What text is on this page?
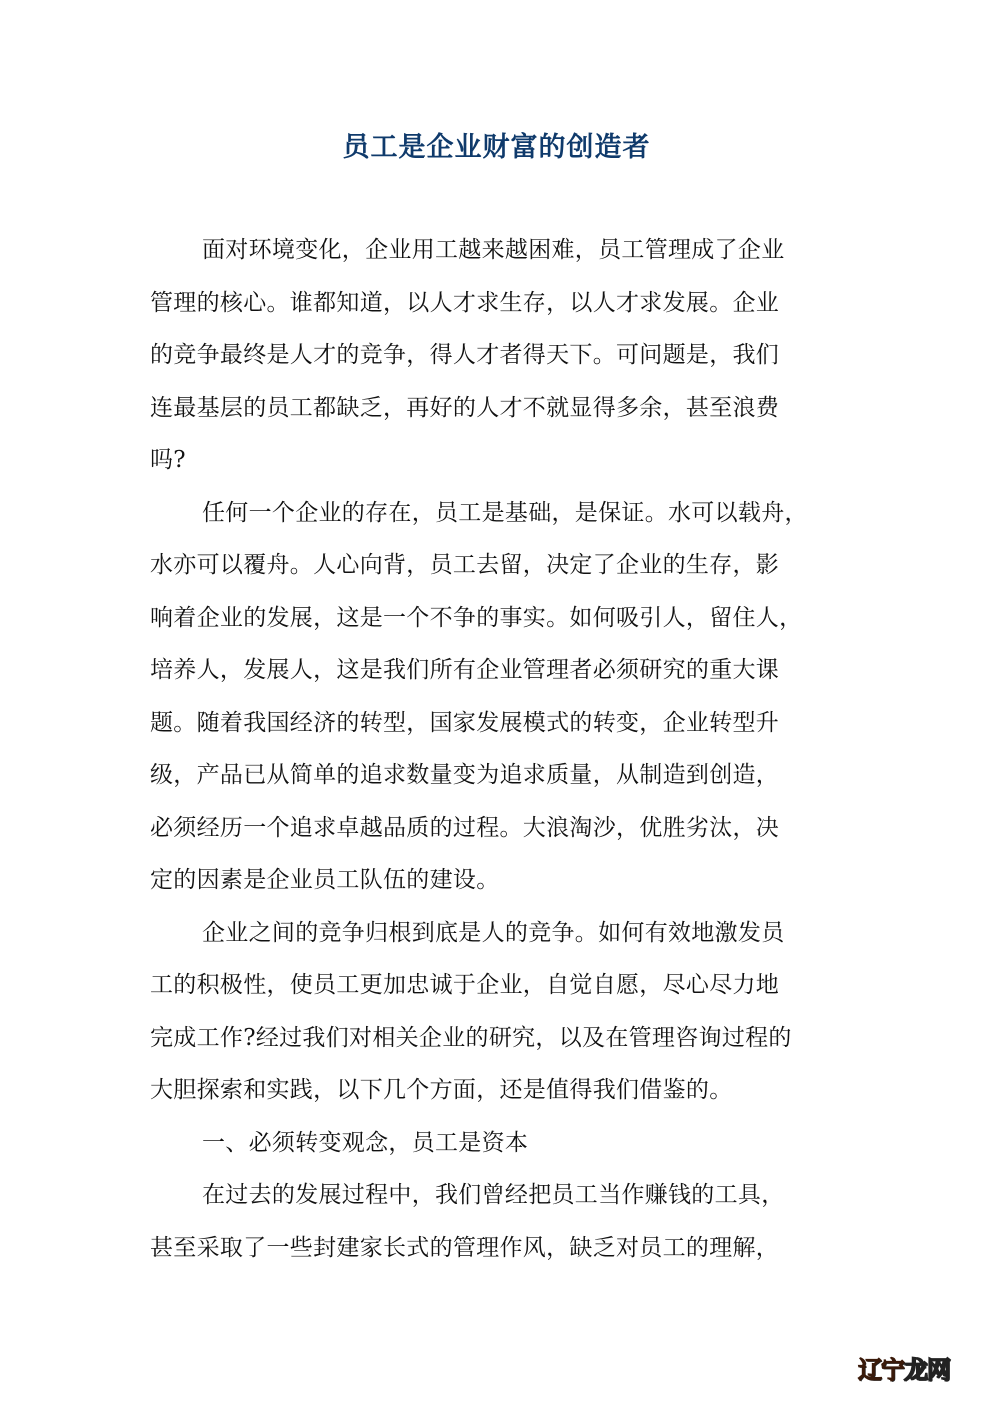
员工是企业财富的创造者
面对环境变化，企业用工越来越困难，员工管理成了企业
管理的核心。谁都知道，以人才求生存，以人才求发展。企业
的竞争最终是人才的竞争，得人才者得天下。可问题是，我们
连最基层的员工都缺乏，再好的人才不就显得多余，甚至浪费
吗?
任何一个企业的存在，员工是基础，是保证。水可以载舟，
水亦可以覆舟。人心向背，员工去留，决定了企业的生存，影
响着企业的发展，这是一个不争的事实。如何吸引人，留住人，
培养人，发展人，这是我们所有企业管理者必须研究的重大课
题。随着我国经济的转型，国家发展模式的转变，企业转型升
级，产品已从简单的追求数量变为追求质量，从制造到创造，
必须经历一个追求卓越品质的过程。大浪淘沙，优胜劣汰，决
定的因素是企业员工队伍的建设。
企业之间的竞争归根到底是人的竞争。如何有效地激发员
工的积极性，使员工更加忠诚于企业，自觉自愿，尽心尽力地
完成工作?经过我们对相关企业的研究，以及在管理咨询过程的
大胆探索和实践，以下几个方面，还是值得我们借鉴的。
一、必须转变观念，员工是资本
在过去的发展过程中，我们曾经把员工当作赚钱的工具，
甚至采取了一些封建家长式的管理作风，缺乏对员工的理解，
辽宁龙网
